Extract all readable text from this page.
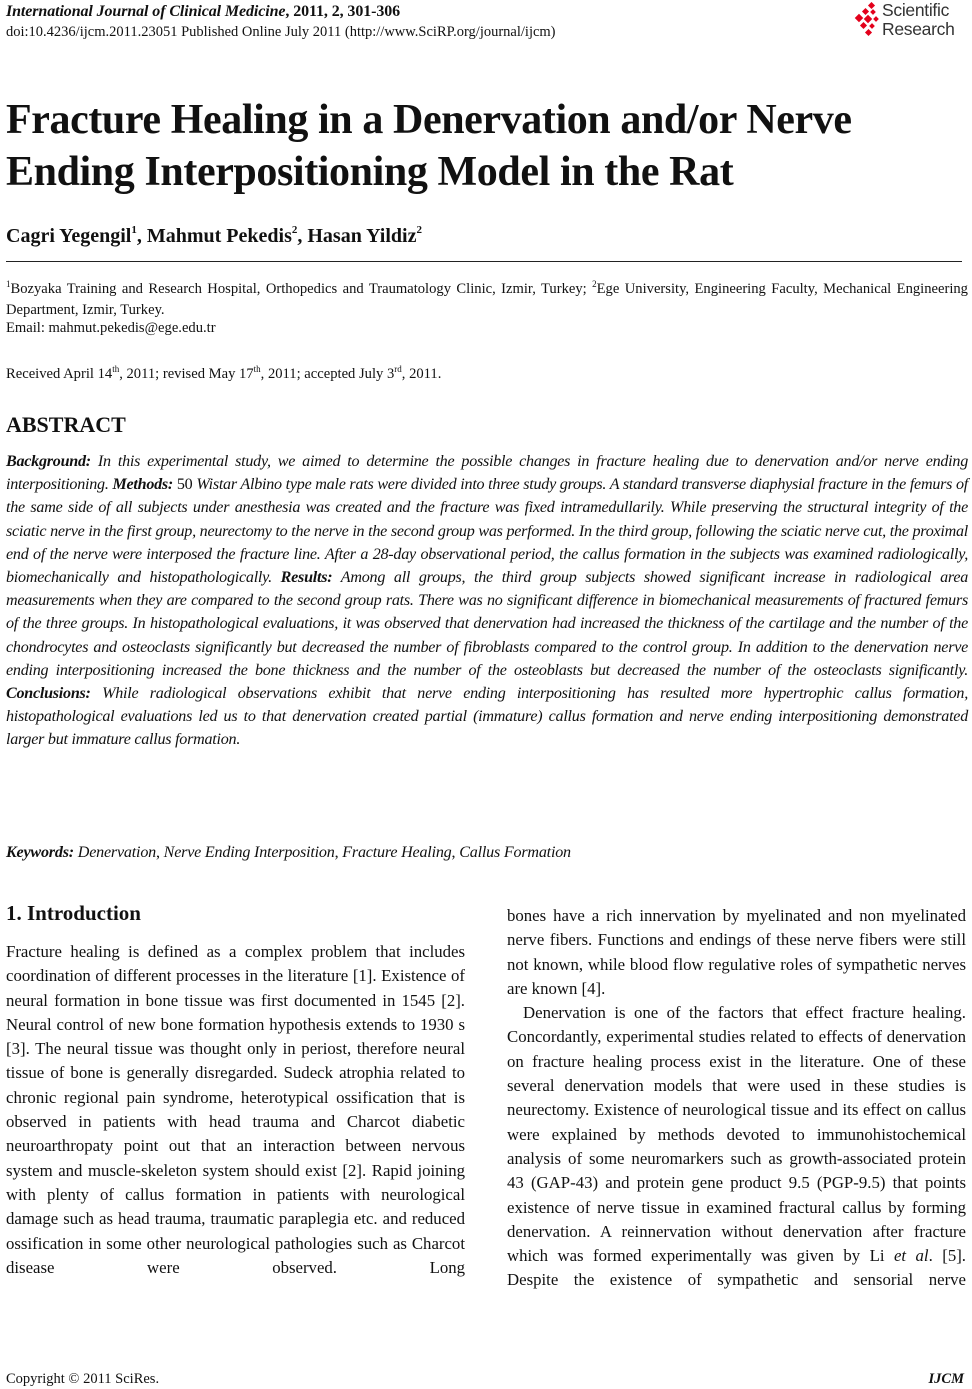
International Journal of Clinical Medicine, 2011, 2, 301-306
doi:10.4236/ijcm.2011.23051 Published Online July 2011 (http://www.SciRP.org/journal/ijcm)
Scientific
Research
Fracture Healing in a Denervation and/or Nerve Ending Interpositioning Model in the Rat
Cagri Yegengil$^1$, Mahmut Pekedis$^2$, Hasan Yildiz$^2$
$^1$Bozyaka Training and Research Hospital, Orthopedics and Traumatology Clinic, Izmir, Turkey; $^2$Ege University, Engineering Faculty, Mechanical Engineering Department, Izmir, Turkey.
Email: mahmut.pekedis@ege.edu.tr
Received April 14th, 2011; revised May 17th, 2011; accepted July 3rd, 2011.
ABSTRACT
Background: In this experimental study, we aimed to determine the possible changes in fracture healing due to denervation and/or nerve ending interpositioning. Methods: 50 Wistar Albino type male rats were divided into three study groups. A standard transverse diaphysial fracture in the femurs of the same side of all subjects under anesthesia was created and the fracture was fixed intramedullarily. While preserving the structural integrity of the sciatic nerve in the first group, neurectomy to the nerve in the second group was performed. In the third group, following the sciatic nerve cut, the proximal end of the nerve were interposed the fracture line. After a 28-day observational period, the callus formation in the subjects was examined radiologically, biomechanically and histopathologically. Results: Among all groups, the third group subjects showed significant increase in radiological area measurements when they are compared to the second group rats. There was no significant difference in biomechanical measurements of fractured femurs of the three groups. In histopathological evaluations, it was observed that denervation had increased the thickness of the cartilage and the number of the chondrocytes and osteoclasts significantly but decreased the number of fibroblasts compared to the control group. In addition to the denervation nerve ending interpositioning increased the bone thickness and the number of the osteoblasts but decreased the number of the osteoclasts significantly. Conclusions: While radiological observations exhibit that nerve ending interpositioning has resulted more hypertrophic callus formation, histopathological evaluations led us to that denervation created partial (immature) callus formation and nerve ending interpositioning demonstrated larger but immature callus formation.
Keywords: Denervation, Nerve Ending Interposition, Fracture Healing, Callus Formation
1. Introduction

Fracture healing is defined as a complex problem that includes coordination of different processes in the literature [1]. Existence of neural formation in bone tissue was first documented in 1545 [2]. Neural control of new bone formation hypothesis extends to 1930 s [3]. The neural tissue was thought only in periost, therefore neural tissue of bone is generally disregarded. Sudeck atrophia related to chronic regional pain syndrome, heterotypical ossification that is observed in patients with head trauma and Charcot diabetic neuroarthropaty point out that an interaction between nervous system and muscle-skeleton system should exist [2]. Rapid joining with plenty of callus formation in patients with neurological damage such as head trauma, traumatic paraplegia etc. and reduced ossification in some other neurological pathologies such as Charcot disease were observed. Long

bones have a rich innervation by myelinated and non myelinated nerve fibers. Functions and endings of these nerve fibers were still not known, while blood flow regulative roles of sympathetic nerves are known [4].

Denervation is one of the factors that effect fracture healing. Concordantly, experimental studies related to effects of denervation on fracture healing process exist in the literature. One of these several denervation models that were used in these studies is neurectomy. Existence of neurological tissue and its effect on callus were explained by methods devoted to immunohistochemical analysis of some neuromarkers such as growth-associated protein 43 (GAP-43) and protein gene product 9.5 (PGP-9.5) that points existence of nerve tissue in examined fractural callus by forming denervation. A reinnervation without denervation after fracture which was formed experimentally was given by Li et al. [5]. Despite the existence of sympathetic and sensorial nerve

Copyright © 2011 SciRes.	IJCM
